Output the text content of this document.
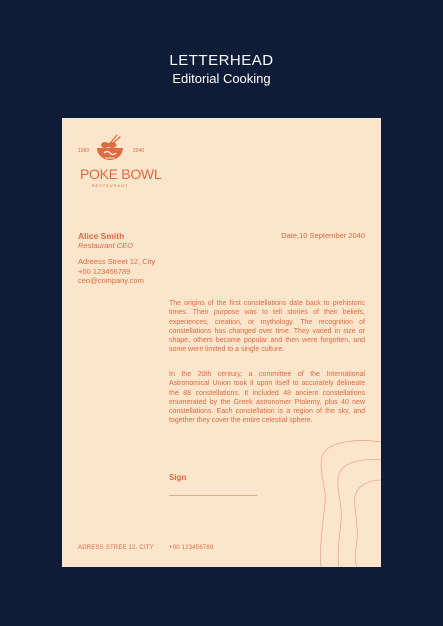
LETTERHEAD
Editorial Cooking
1980	2040
POKE BOWL
RESTAURANT
Alice Smith
Restaurant CEO
Date,10 September 2040
Adreess Street 12, City
+00 123456789
ceo@company.com
The origins of the first constellations date back to prehistoric times. Their purpose was to tell stories of their beliefs, experiences, creation, or mythology. The recognition of constellations has changed over time. They varied in size or shape, others became popular and then were forgotten, and some were limited to a single culture.
In the 20th century, a committee of the International Astronomical Union took it upon itself to accurately delineate the 88 constellations. It included 48 ancient constellations enumerated by the Greek astronomer Ptolemy, plus 40 new constellations. Each constellation is a region of the sky, and together they cover the entire celestial sphere.
Sign
ADRESS STREE 12, CITY	+00 123456789
